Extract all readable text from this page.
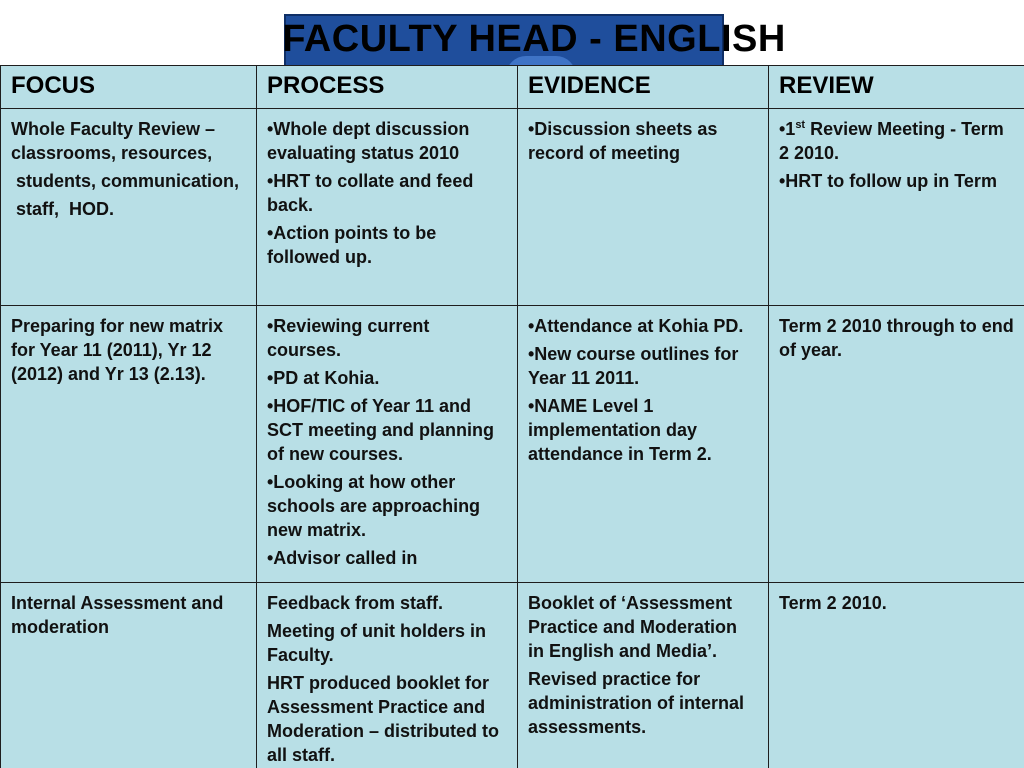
FACULTY HEAD - ENGLISH
FOCUS	PROCESS	EVIDENCE	REVIEW

Whole Faculty Review –
classrooms, resources,
students, communication,
staff,  HOD.	•Whole dept discussion evaluating status 2010
•HRT to collate and feed back.
•Action points to be followed up.	•Discussion sheets as record of meeting	•1st Review Meeting - Term 2 2010.
•HRT to follow up in Term

Preparing for new matrix for Year 11 (2011), Yr 12 (2012) and Yr 13 (2.13).	•Reviewing current courses.
•PD at Kohia.
•HOF/TIC of Year 11 and SCT meeting and planning of new courses.
•Looking at how other schools are approaching new matrix.
•Advisor called in	•Attendance at Kohia PD.
•New course outlines for Year 11 2011.
•NAME Level 1 implementation day attendance in Term 2.	Term 2 2010 through to end of year.

Internal Assessment and moderation	Feedback from staff.
Meeting of unit holders in Faculty.
HRT produced booklet for Assessment Practice and Moderation – distributed to all staff.	Booklet of ‘Assessment Practice and Moderation in English and Media’.
Revised practice for administration of internal assessments.	Term 2 2010.
